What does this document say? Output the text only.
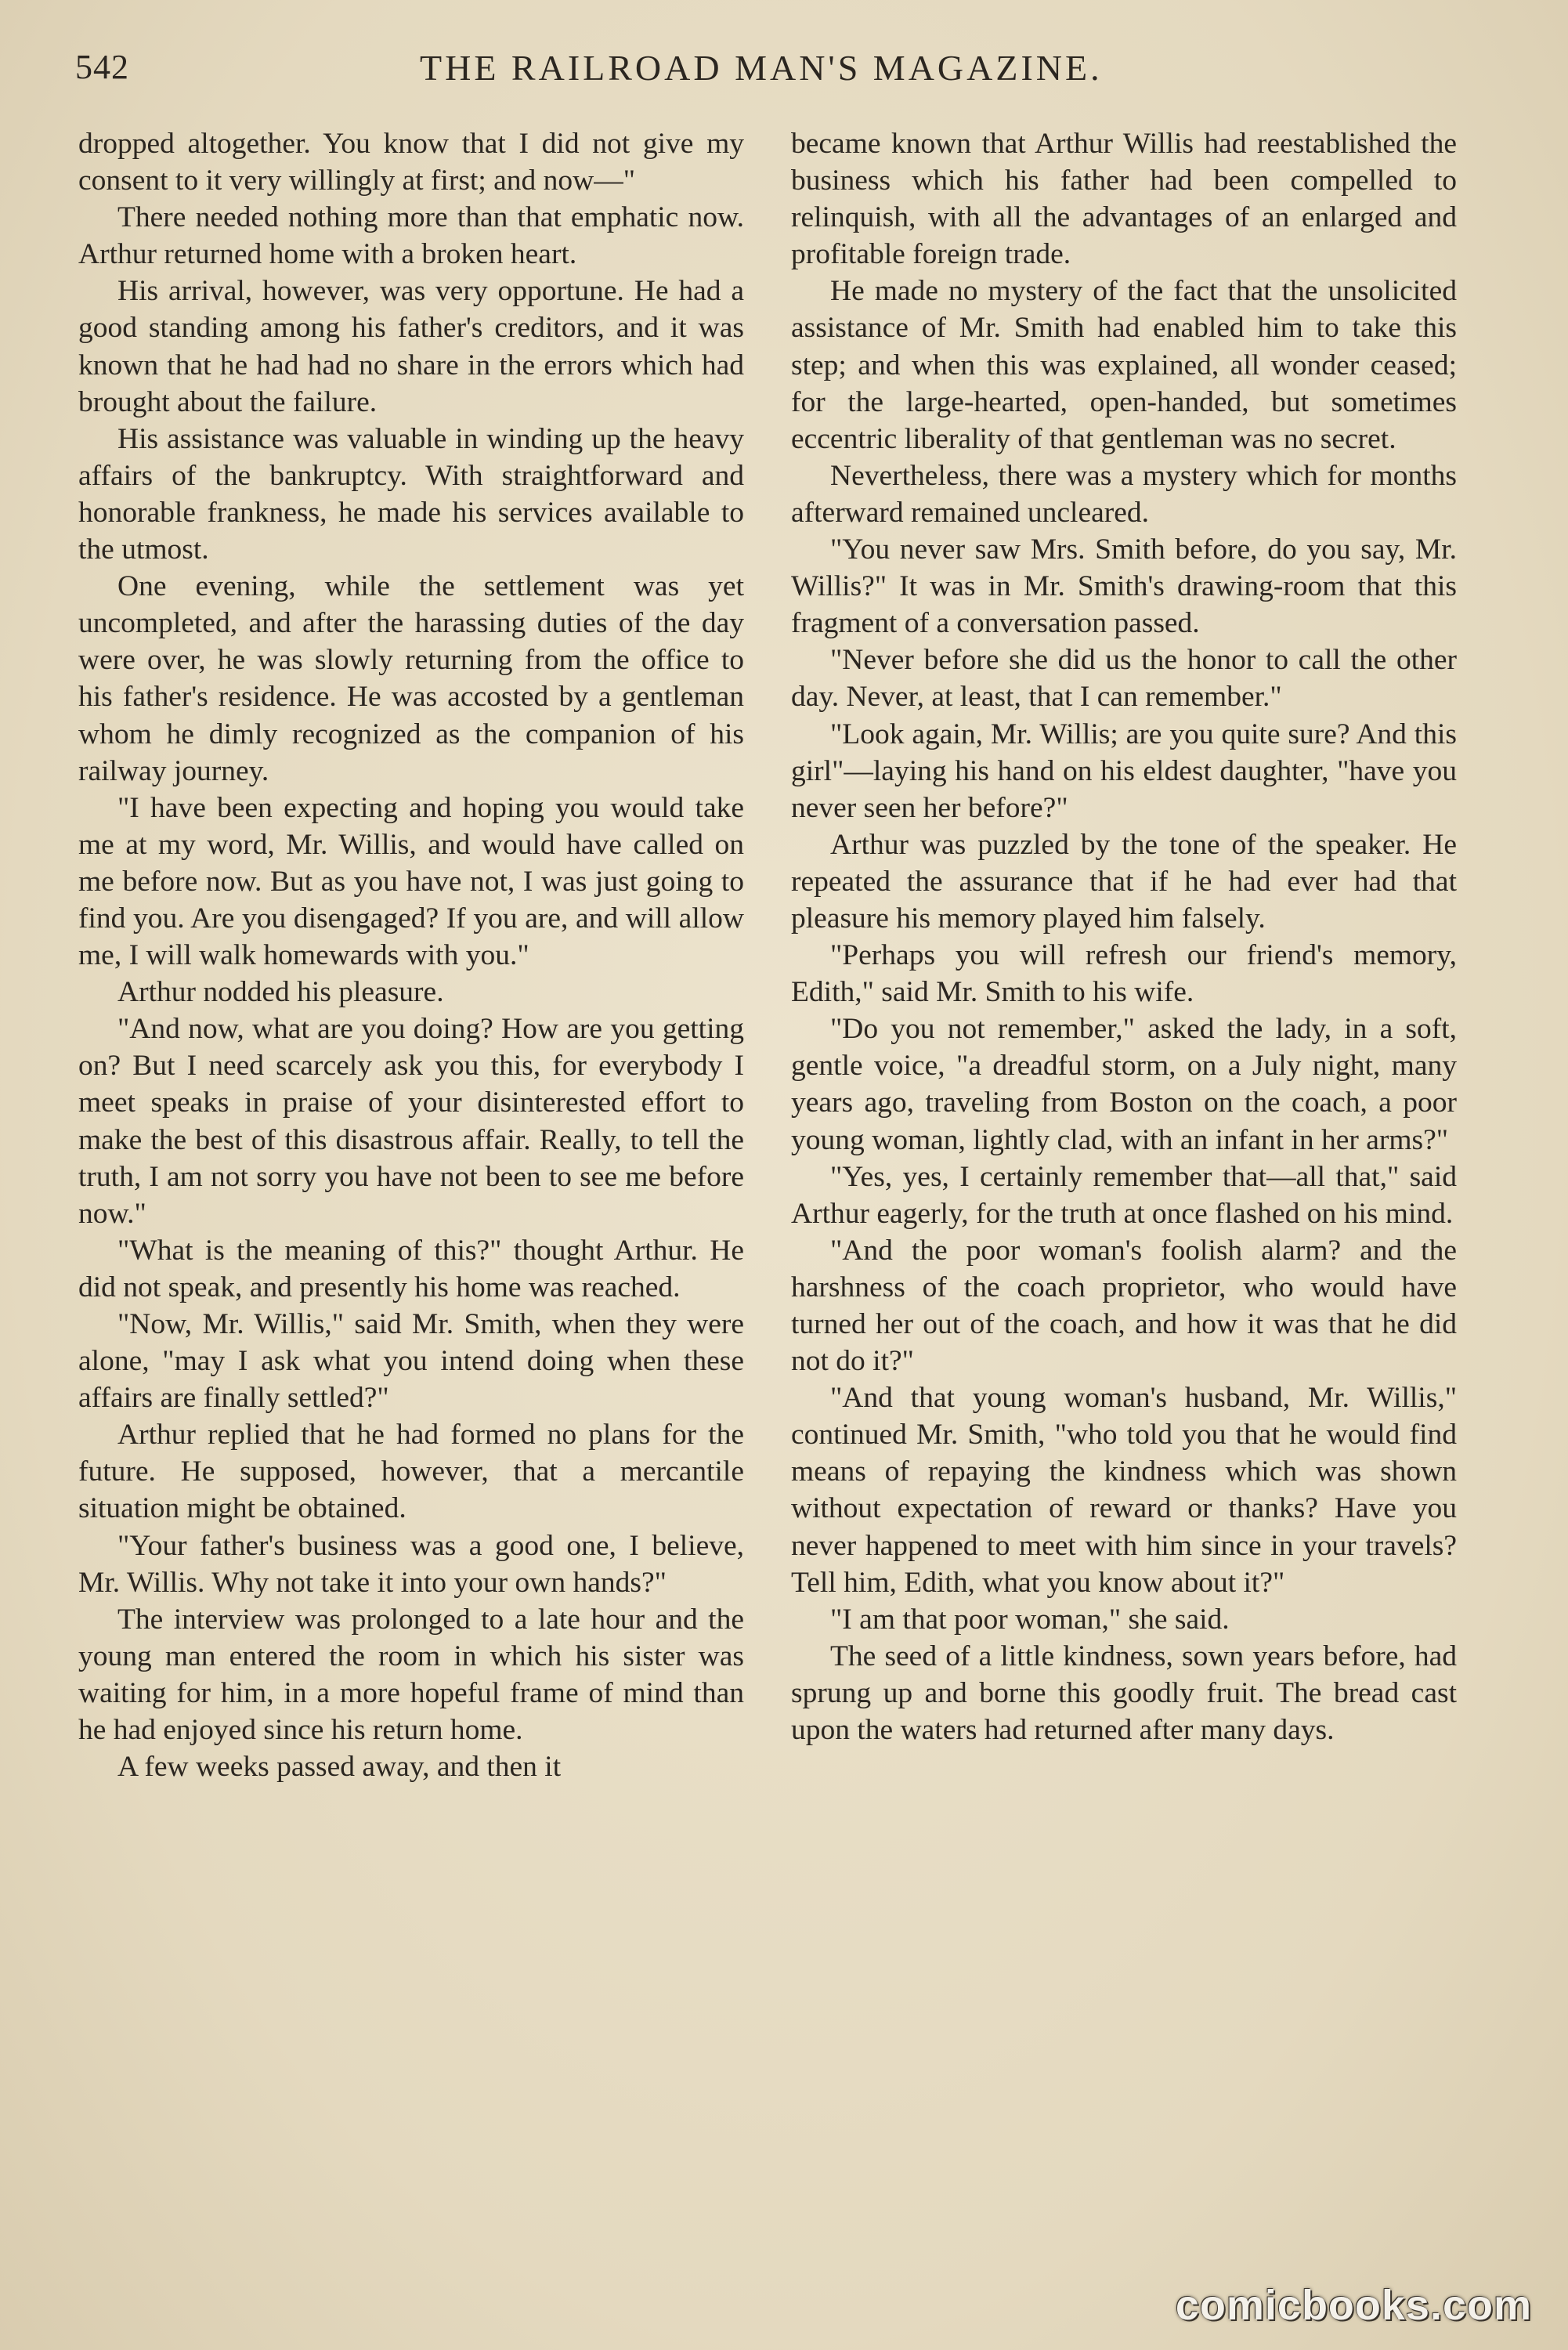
542	THE RAILROAD MAN'S MAGAZINE.

dropped altogether. You know that I did not give my consent to it very willingly at first; and now—"

There needed nothing more than that emphatic now. Arthur returned home with a broken heart.

His arrival, however, was very opportune. He had a good standing among his father's creditors, and it was known that he had had no share in the errors which had brought about the failure.

His assistance was valuable in winding up the heavy affairs of the bankruptcy. With straightforward and honorable frankness, he made his services available to the utmost.

One evening, while the settlement was yet uncompleted, and after the harassing duties of the day were over, he was slowly returning from the office to his father's residence. He was accosted by a gentleman whom he dimly recognized as the companion of his railway journey.

"I have been expecting and hoping you would take me at my word, Mr. Willis, and would have called on me before now. But as you have not, I was just going to find you. Are you disengaged? If you are, and will allow me, I will walk homewards with you."

Arthur nodded his pleasure.

"And now, what are you doing? How are you getting on? But I need scarcely ask you this, for everybody I meet speaks in praise of your disinterested effort to make the best of this disastrous affair. Really, to tell the truth, I am not sorry you have not been to see me before now."

"What is the meaning of this?" thought Arthur. He did not speak, and presently his home was reached.

"Now, Mr. Willis," said Mr. Smith, when they were alone, "may I ask what you intend doing when these affairs are finally settled?"

Arthur replied that he had formed no plans for the future. He supposed, however, that a mercantile situation might be obtained.

"Your father's business was a good one, I believe, Mr. Willis. Why not take it into your own hands?"

The interview was prolonged to a late hour and the young man entered the room in which his sister was waiting for him, in a more hopeful frame of mind than he had enjoyed since his return home.

A few weeks passed away, and then it

became known that Arthur Willis had reestablished the business which his father had been compelled to relinquish, with all the advantages of an enlarged and profitable foreign trade.

He made no mystery of the fact that the unsolicited assistance of Mr. Smith had enabled him to take this step; and when this was explained, all wonder ceased; for the large-hearted, open-handed, but sometimes eccentric liberality of that gentleman was no secret.

Nevertheless, there was a mystery which for months afterward remained uncleared.

"You never saw Mrs. Smith before, do you say, Mr. Willis?" It was in Mr. Smith's drawing-room that this fragment of a conversation passed.

"Never before she did us the honor to call the other day. Never, at least, that I can remember."

"Look again, Mr. Willis; are you quite sure? And this girl"—laying his hand on his eldest daughter, "have you never seen her before?"

Arthur was puzzled by the tone of the speaker. He repeated the assurance that if he had ever had that pleasure his memory played him falsely.

"Perhaps you will refresh our friend's memory, Edith," said Mr. Smith to his wife.

"Do you not remember," asked the lady, in a soft, gentle voice, "a dreadful storm, on a July night, many years ago, traveling from Boston on the coach, a poor young woman, lightly clad, with an infant in her arms?"

"Yes, yes, I certainly remember that—all that," said Arthur eagerly, for the truth at once flashed on his mind.

"And the poor woman's foolish alarm? and the harshness of the coach proprietor, who would have turned her out of the coach, and how it was that he did not do it?"

"And that young woman's husband, Mr. Willis," continued Mr. Smith, "who told you that he would find means of repaying the kindness which was shown without expectation of reward or thanks? Have you never happened to meet with him since in your travels? Tell him, Edith, what you know about it?"

"I am that poor woman," she said.

The seed of a little kindness, sown years before, had sprung up and borne this goodly fruit. The bread cast upon the waters had returned after many days.

comicbooks.com
